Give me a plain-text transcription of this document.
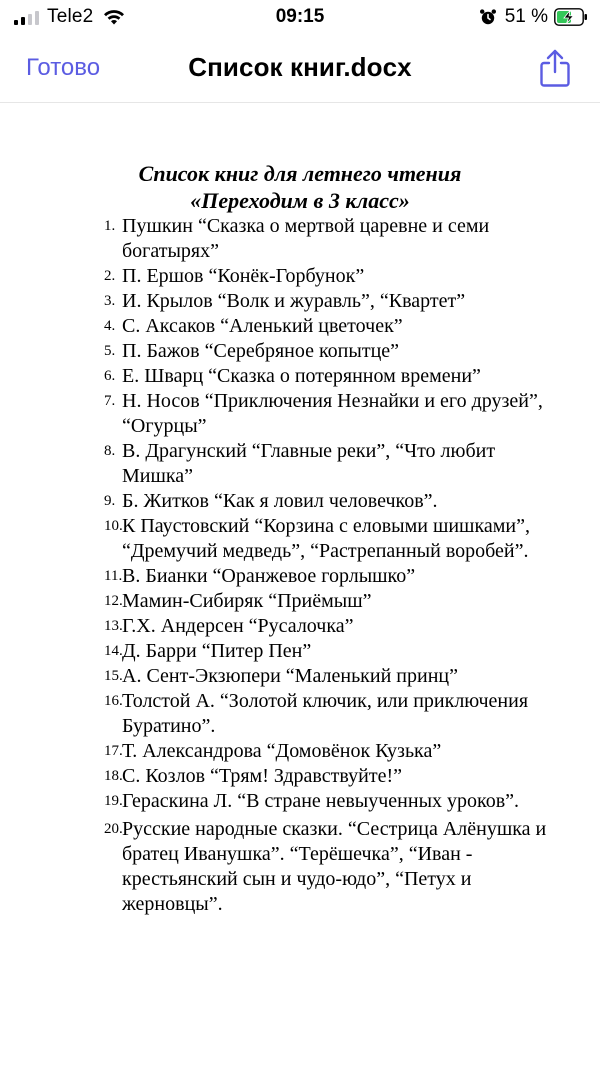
Tele2	09:15	51 %
Готово	Список книг.docx
Список книг для летнего чтения
«Переходим в 3 класс»
1. Пушкин “Сказка о мертвой царевне и семи богатырях”
2. П. Ершов “Конёк-Горбунок”
3. И. Крылов “Волк и журавль”, “Квартет”
4. С. Аксаков “Аленький цветочек”
5. П. Бажов “Серебряное копытце”
6. Е. Шварц “Сказка о потерянном времени”
7. Н. Носов “Приключения Незнайки и его друзей”, “Огурцы”
8. В. Драгунский “Главные реки”, “Что любит Мишка”
9. Б. Житков “Как я ловил человечков”.
10. К Паустовский “Корзина с еловыми шишками”, “Дремучий медведь”, “Растрепанный воробей”.
11. В. Бианки “Оранжевое горлышко”
12. Мамин-Сибиряк “Приёмыш”
13. Г.Х. Андерсен “Русалочка”
14. Д. Барри “Питер Пен”
15. А. Сент-Экзюпери “Маленький принц”
16. Толстой А. “Золотой ключик, или приключения Буратино”.
17. Т. Александрова “Домовёнок Кузька”
18. С. Козлов “Трям! Здравствуйте!”
19. Гераскина Л. “В стране невыученных уроков”.
20. Русские народные сказки. “Сестрица Алёнушка и братец Иванушка”. “Терёшечка”, “Иван - крестьянский сын и чудо-юдо”, “Петух и жерновцы”.
